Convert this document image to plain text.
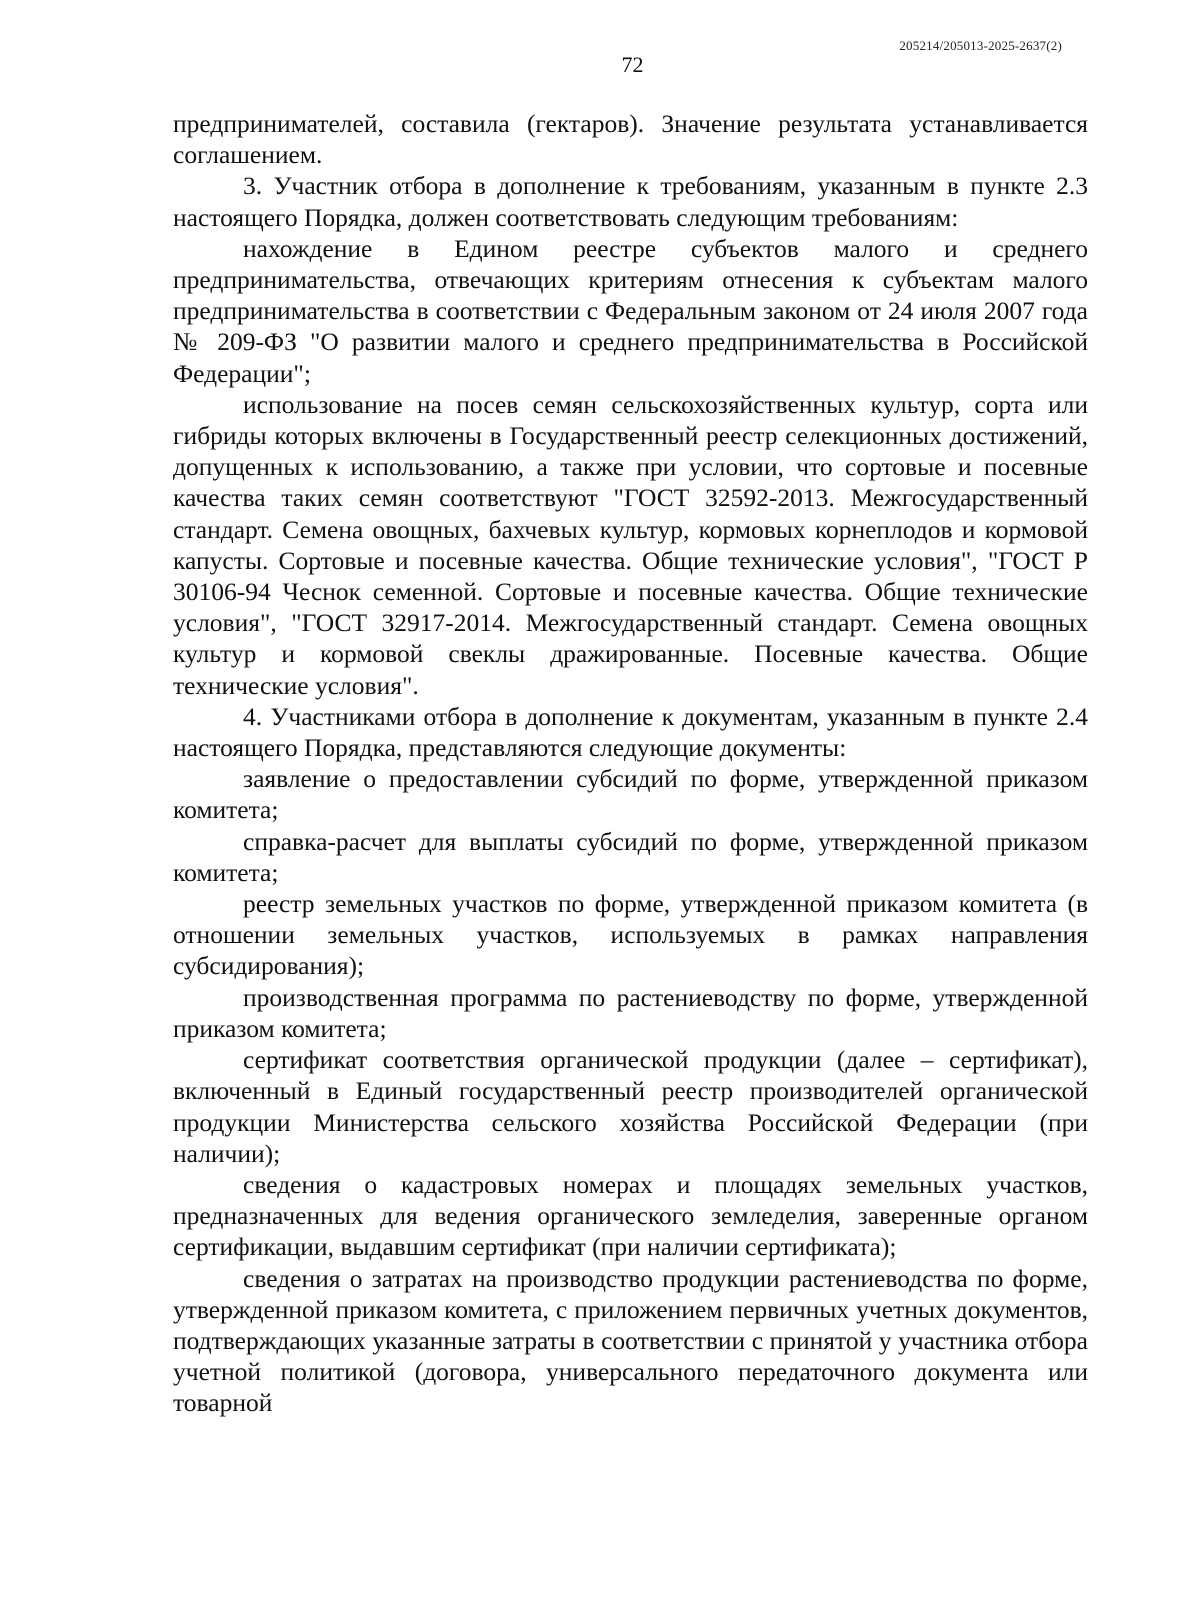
205214/205013-2025-2637(2)
72

предпринимателей, составила (гектаров). Значение результата устанавливается соглашением.

3. Участник отбора в дополнение к требованиям, указанным в пункте 2.3 настоящего Порядка, должен соответствовать следующим требованиям:

нахождение в Едином реестре субъектов малого и среднего предпринимательства, отвечающих критериям отнесения к субъектам малого предпринимательства в соответствии с Федеральным законом от 24 июля 2007 года № 209-ФЗ "О развитии малого и среднего предпринимательства в Российской Федерации";

использование на посев семян сельскохозяйственных культур, сорта или гибриды которых включены в Государственный реестр селекционных достижений, допущенных к использованию, а также при условии, что сортовые и посевные качества таких семян соответствуют "ГОСТ 32592-2013. Межгосударственный стандарт. Семена овощных, бахчевых культур, кормовых корнеплодов и кормовой капусты. Сортовые и посевные качества. Общие технические условия", "ГОСТ Р 30106-94 Чеснок семенной. Сортовые и посевные качества. Общие технические условия", "ГОСТ 32917-2014. Межгосударственный стандарт. Семена овощных культур и кормовой свеклы дражированные. Посевные качества. Общие технические условия".

4. Участниками отбора в дополнение к документам, указанным в пункте 2.4 настоящего Порядка, представляются следующие документы:

заявление о предоставлении субсидий по форме, утвержденной приказом комитета;

справка-расчет для выплаты субсидий по форме, утвержденной приказом комитета;

реестр земельных участков по форме, утвержденной приказом комитета (в отношении земельных участков, используемых в рамках направления субсидирования);

производственная программа по растениеводству по форме, утвержденной приказом комитета;

сертификат соответствия органической продукции (далее – сертификат), включенный в Единый государственный реестр производителей органической продукции Министерства сельского хозяйства Российской Федерации (при наличии);

сведения о кадастровых номерах и площадях земельных участков, предназначенных для ведения органического земледелия, заверенные органом сертификации, выдавшим сертификат (при наличии сертификата);

сведения о затратах на производство продукции растениеводства по форме, утвержденной приказом комитета, с приложением первичных учетных документов, подтверждающих указанные затраты в соответствии с принятой у участника отбора учетной политикой (договора, универсального передаточного документа или товарной
